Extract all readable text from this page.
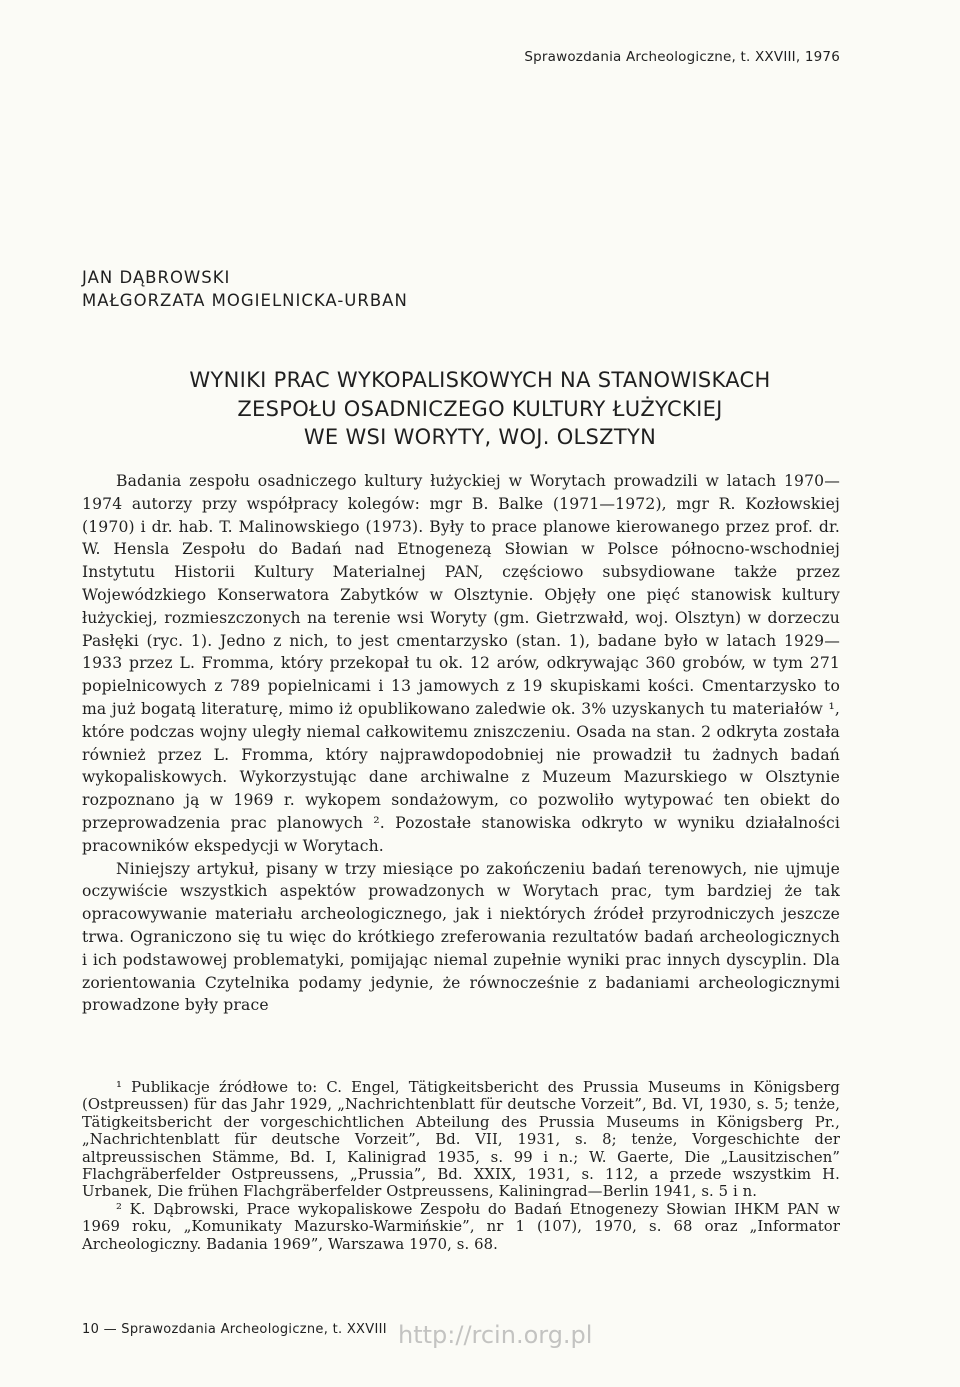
Sprawozdania Archeologiczne, t. XXVIII, 1976
JAN DĄBROWSKI
MAŁGORZATA MOGIELNICKA-URBAN
WYNIKI PRAC WYKOPALISKOWYCH NA STANOWISKACH
ZESPOŁU OSADNICZEGO KULTURY ŁUŻYCKIEJ
WE WSI WORYTY, WOJ. OLSZTYN

Badania zespołu osadniczego kultury łużyckiej w Worytach prowadzili w latach 1970—1974 autorzy przy współpracy kolegów: mgr B. Balke (1971—1972), mgr R. Kozłowskiej (1970) i dr. hab. T. Malinowskiego (1973). Były to prace planowe kierowanego przez prof. dr. W. Hensla Zespołu do Badań nad Etnogenezą Słowian w Polsce północno-wschodniej Instytutu Historii Kultury Materialnej PAN, częściowo subsydiowane także przez Wojewódzkiego Konserwatora Zabytków w Olsztynie. Objęły one pięć stanowisk kultury łużyckiej, rozmieszczonych na terenie wsi Woryty (gm. Gietrzwałd, woj. Olsztyn) w dorzeczu Pasłęki (ryc. 1). Jedno z nich, to jest cmentarzysko (stan. 1), badane było w latach 1929—1933 przez L. Fromma, który przekopał tu ok. 12 arów, odkrywając 360 grobów, w tym 271 popielnicowych z 789 popielnicami i 13 jamowych z 19 skupiskami kości. Cmentarzysko to ma już bogatą literaturę, mimo iż opublikowano zaledwie ok. 3% uzyskanych tu materiałów ¹, które podczas wojny uległy niemal całkowitemu zniszczeniu. Osada na stan. 2 odkryta została również przez L. Fromma, który najprawdopodobniej nie prowadził tu żadnych badań wykopaliskowych. Wykorzystując dane archiwalne z Muzeum Mazurskiego w Olsztynie rozpoznano ją w 1969 r. wykopem sondażowym, co pozwoliło wytypować ten obiekt do przeprowadzenia prac planowych ². Pozostałe stanowiska odkryto w wyniku działalności pracowników ekspedycji w Worytach.

Niniejszy artykuł, pisany w trzy miesiące po zakończeniu badań terenowych, nie ujmuje oczywiście wszystkich aspektów prowadzonych w Worytach prac, tym bardziej że tak opracowywanie materiału archeologicznego, jak i niektórych źródeł przyrodniczych jeszcze trwa. Ograniczono się tu więc do krótkiego zreferowania rezultatów badań archeologicznych i ich podstawowej problematyki, pomijając niemal zupełnie wyniki prac innych dyscyplin. Dla zorientowania Czytelnika podamy jedynie, że równocześnie z badaniami archeologicznymi prowadzone były prace

¹ Publikacje źródłowe to: C. Engel, Tätigkeitsbericht des Prussia Museums in Königsberg (Ostpreussen) für das Jahr 1929, „Nachrichtenblatt für deutsche Vorzeit”, Bd. VI, 1930, s. 5; tenże, Tätigkeitsbericht der vorgeschichtlichen Abteilung des Prussia Museums in Königsberg Pr., „Nachrichtenblatt für deutsche Vorzeit”, Bd. VII, 1931, s. 8; tenże, Vorgeschichte der altpreussischen Stämme, Bd. I, Kalinigrad 1935, s. 99 i n.; W. Gaerte, Die „Lausitzischen” Flachgräberfelder Ostpreussens, „Prussia”, Bd. XXIX, 1931, s. 112, a przede wszystkim H. Urbanek, Die frühen Flachgräberfelder Ostpreussens, Kaliningrad—Berlin 1941, s. 5 i n.

² K. Dąbrowski, Prace wykopaliskowe Zespołu do Badań Etnogenezy Słowian IHKM PAN w 1969 roku, „Komunikaty Mazursko-Warmińskie”, nr 1 (107), 1970, s. 68 oraz „Informator Archeologiczny. Badania 1969”, Warszawa 1970, s. 68.

10 — Sprawozdania Archeologiczne, t. XXVIII http://rcin.org.pl
